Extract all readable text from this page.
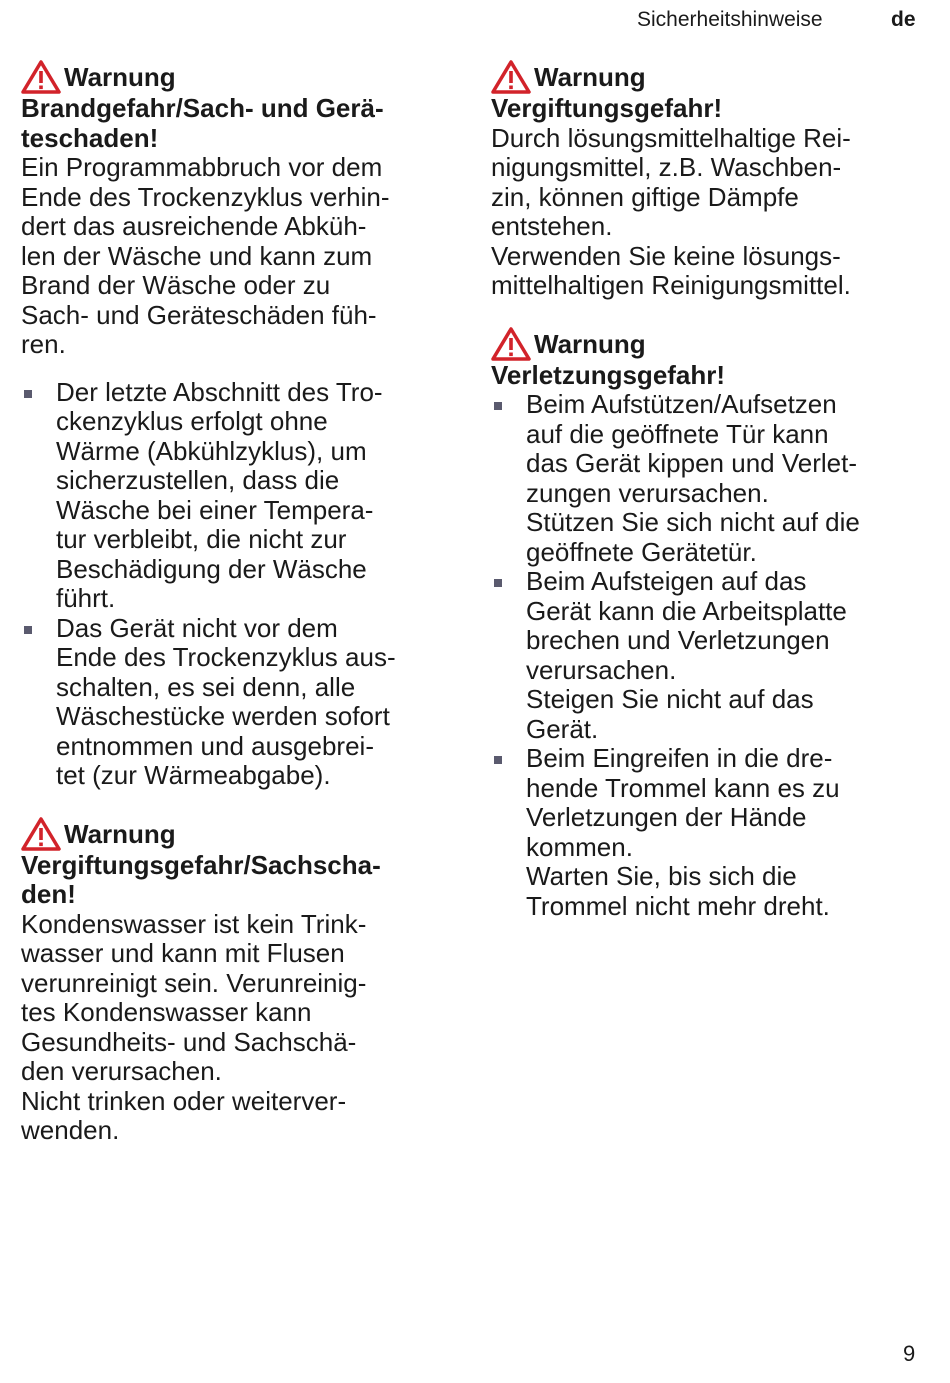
Sicherheitshinweise	de
Warnung
Brandgefahr/Sach- und Gerä-
teschaden!
Ein Programmabbruch vor dem
Ende des Trockenzyklus verhin-
dert das ausreichende Abküh-
len der Wäsche und kann zum
Brand der Wäsche oder zu
Sach- und Geräteschäden füh-
ren.
Der letzte Abschnitt des Tro-
ckenzyklus erfolgt ohne
Wärme (Abkühlzyklus), um
sicherzustellen, dass die
Wäsche bei einer Tempera-
tur verbleibt, die nicht zur
Beschädigung der Wäsche
führt.
Das Gerät nicht vor dem
Ende des Trockenzyklus aus-
schalten, es sei denn, alle
Wäschestücke werden sofort
entnommen und ausgebrei-
tet (zur Wärmeabgabe).
Warnung
Vergiftungsgefahr/Sachscha-
den!
Kondenswasser ist kein Trink-
wasser und kann mit Flusen
verunreinigt sein. Verunreinig-
tes Kondenswasser kann
Gesundheits- und Sachschä-
den verursachen.
Nicht trinken oder weiterver-
wenden.
Warnung
Vergiftungsgefahr!
Durch lösungsmittelhaltige Rei-
nigungsmittel, z.B. Waschben-
zin, können giftige Dämpfe
entstehen.
Verwenden Sie keine lösungs-
mittelhaltigen Reinigungsmittel.
Warnung
Verletzungsgefahr!
Beim Aufstützen/Aufsetzen
auf die geöffnete Tür kann
das Gerät kippen und Verlet-
zungen verursachen.
Stützen Sie sich nicht auf die
geöffnete Gerätetür.
Beim Aufsteigen auf das
Gerät kann die Arbeitsplatte
brechen und Verletzungen
verursachen.
Steigen Sie nicht auf das
Gerät.
Beim Eingreifen in die dre-
hende Trommel kann es zu
Verletzungen der Hände
kommen.
Warten Sie, bis sich die
Trommel nicht mehr dreht.
9
